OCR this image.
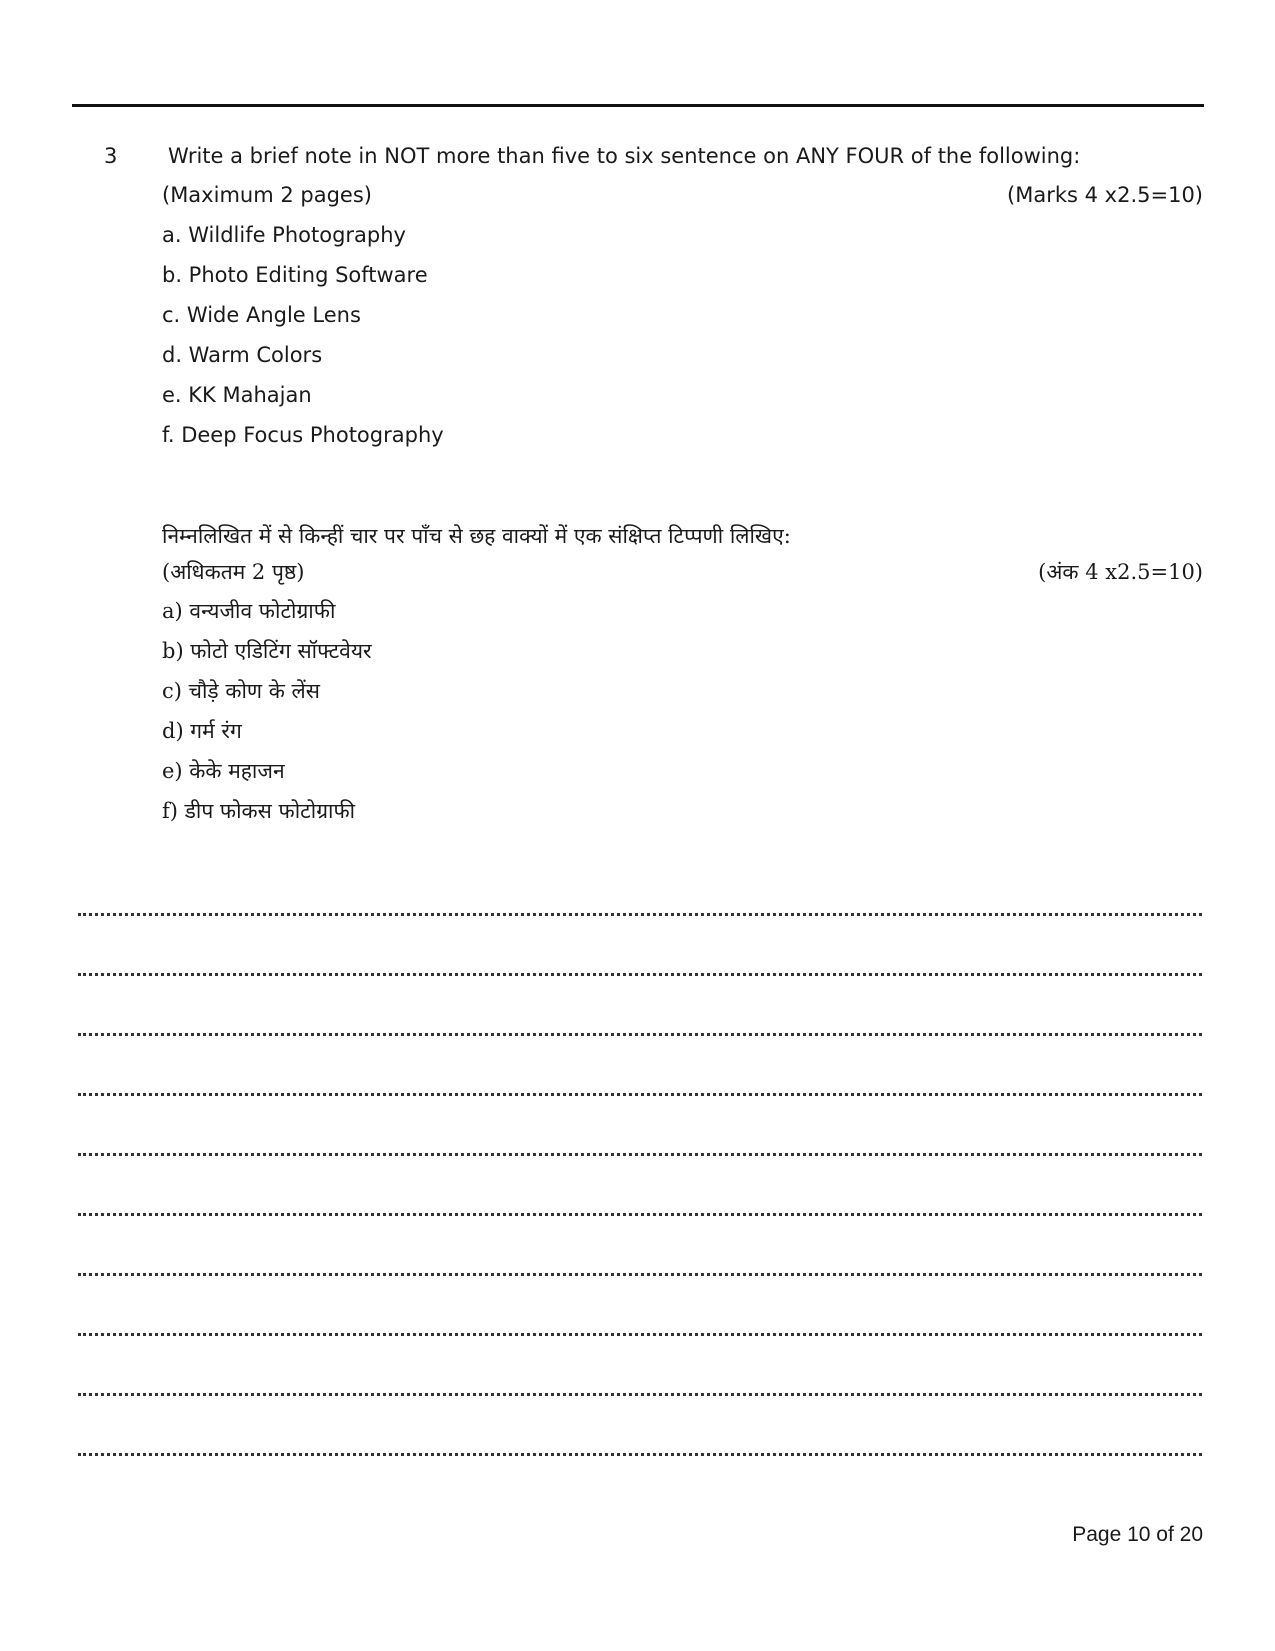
3 Write a brief note in NOT more than five to six sentence on ANY FOUR of the following:
(Maximum 2 pages)	(Marks 4 x2.5=10)
a. Wildlife Photography
b. Photo Editing Software
c. Wide Angle Lens
d. Warm Colors
e. KK Mahajan
f. Deep Focus Photography
निम्नलिखित में से किन्हीं चार पर पाँच से छह वाक्यों में एक संक्षिप्त टिप्पणी लिखिए:
(अधिकतम 2 पृष्ठ)	(अंक 4 x2.5=10)
a) वन्यजीव फोटोग्राफी
b) फोटो एडिटिंग सॉफ्टवेयर
c) चौड़े कोण के लेंस
d) गर्म रंग
e) केके महाजन
f) डीप फोकस फोटोग्राफी
Page 10 of 20
